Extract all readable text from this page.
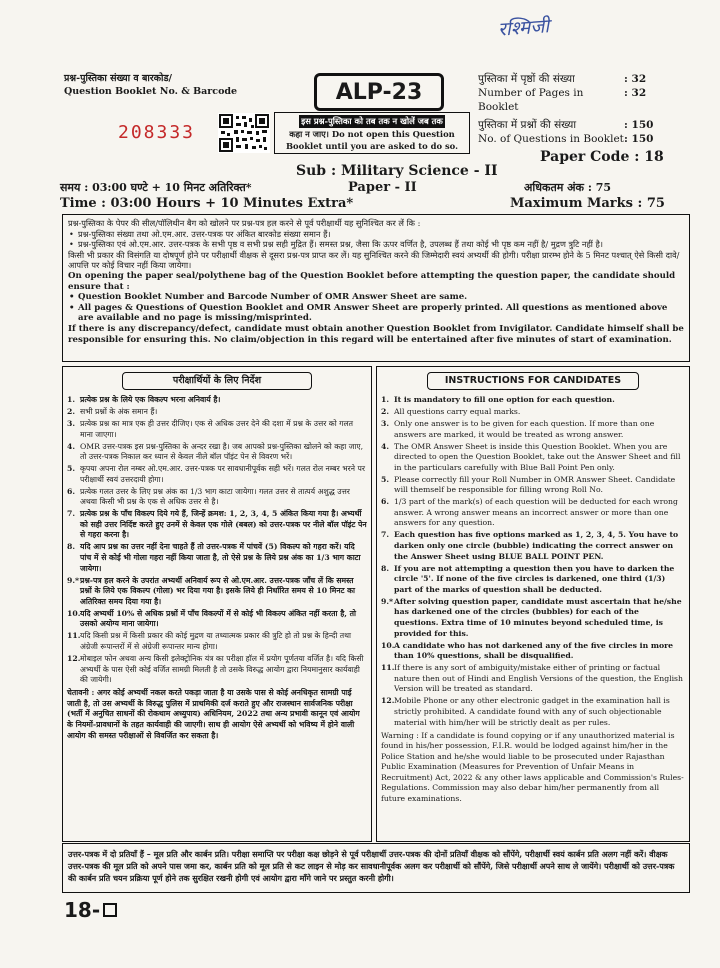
रश्मिजी
प्रश्न-पुस्तिका संख्या व बारकोड/
Question Booklet No. & Barcode
208333
ALP-23
इस प्रश्न-पुस्तिका को तब तक न खोलें जब तक
कहा न जाए। Do not open this Question
Booklet until you are asked to do so.
पुस्तिका में पृष्ठों की संख्या	: 32
Number of Pages in Booklet
: 32
पुस्तिका में प्रश्नों की संख्या	: 150
No. of Questions in Booklet : 150
Paper Code : 18
Sub : Military Science - II
Paper - II
समय : 03:00 घण्टे + 10 मिनट अतिरिक्त*
Time : 03:00 Hours + 10 Minutes Extra*
अधिकतम अंक : 75
Maximum Marks : 75

प्रश्न-पुस्तिका के पेपर की सील/पॉलिथीन बैग को खोलने पर प्रश्न-पत्र हल करने से पूर्व परीक्षार्थी यह सुनिश्चित कर लें कि :

• प्रश्न-पुस्तिका संख्या तथा ओ.एम.आर. उत्तर-पत्रक पर अंकित बारकोड संख्या समान हैं।
• प्रश्न-पुस्तिका एवं ओ.एम.आर. उत्तर-पत्रक के सभी पृष्ठ व सभी प्रश्न सही मुद्रित हैं। समस्त प्रश्न, जैसा कि ऊपर वर्णित है, उपलब्ध हैं तथा कोई भी पृष्ठ कम नहीं है/ मुद्रण त्रुटि नहीं है।

किसी भी प्रकार की विसंगति या दोषपूर्ण होने पर परीक्षार्थी वीक्षक से दूसरा प्रश्न-पत्र प्राप्त कर लें। यह सुनिश्चित करने की जिम्मेदारी स्वयं अभ्यर्थी की होगी। परीक्षा प्रारम्भ होने के 5 मिनट पश्चात् ऐसे किसी दावे/आपत्ति पर कोई विचार नहीं किया जायेगा।

On opening the paper seal/polythene bag of the Question Booklet before attempting the question paper, the candidate should ensure that :

• Question Booklet Number and Barcode Number of OMR Answer Sheet are same.
• All pages & Questions of Question Booklet and OMR Answer Sheet are properly printed. All questions as mentioned above are available and no page is missing/misprinted.

If there is any discrepancy/defect, candidate must obtain another Question Booklet from Invigilator. Candidate himself shall be responsible for ensuring this. No claim/objection in this regard will be entertained after five minutes of start of examination.

परीक्षार्थियों के लिए निर्देश
1. प्रत्येक प्रश्न के लिये एक विकल्प भरना अनिवार्य है।
2. सभी प्रश्नों के अंक समान हैं।
3. प्रत्येक प्रश्न का मात्र एक ही उत्तर दीजिए। एक से अधिक उत्तर देने की दशा में प्रश्न के उत्तर को गलत माना जाएगा।
4. OMR उत्तर-पत्रक इस प्रश्न-पुस्तिका के अन्दर रखा है। जब आपको प्रश्न-पुस्तिका खोलने को कहा जाए, तो उत्तर-पत्रक निकाल कर ध्यान से केवल नीले बॉल पॉइंट पेन से विवरण भरें।
5. कृपया अपना रोल नम्बर ओ.एम.आर. उत्तर-पत्रक पर सावधानीपूर्वक सही भरें। गलत रोल नम्बर भरने पर परीक्षार्थी स्वयं उत्तरदायी होगा।
6. प्रत्येक गलत उत्तर के लिए प्रश्न अंक का 1/3 भाग काटा जायेगा। गलत उत्तर से तात्पर्य अशुद्ध उत्तर अथवा किसी भी प्रश्न के एक से अधिक उत्तर से है।
7. प्रत्येक प्रश्न के पाँच विकल्प दिये गये हैं, जिन्हें क्रमश: 1, 2, 3, 4, 5 अंकित किया गया है। अभ्यर्थी को सही उत्तर निर्दिष्ट करते हुए उनमें से केवल एक गोले (बबल) को उत्तर-पत्रक पर नीले बॉल पॉइंट पेन से गहरा करना है।
8. यदि आप प्रश्न का उत्तर नहीं देना चाहते हैं तो उत्तर-पत्रक में पांचवें (5) विकल्प को गहरा करें। यदि पांच में से कोई भी गोला गहरा नहीं किया जाता है, तो ऐसे प्रश्न के लिये प्रश्न अंक का 1/3 भाग काटा जायेगा।
9.* प्रश्न-पत्र हल करने के उपरांत अभ्यर्थी अनिवार्य रूप से ओ.एम.आर. उत्तर-पत्रक जाँच लें कि समस्त प्रश्नों के लिये एक विकल्प (गोला) भर दिया गया है। इसके लिये ही निर्धारित समय से 10 मिनट का अतिरिक्त समय दिया गया है।
10. यदि अभ्यर्थी 10% से अधिक प्रश्नों में पाँच विकल्पों में से कोई भी विकल्प अंकित नहीं करता है, तो उसको अयोग्य माना जायेगा।
11. यदि किसी प्रश्न में किसी प्रकार की कोई मुद्रण या तथ्यात्मक प्रकार की त्रुटि हो तो प्रश्न के हिन्दी तथा अंग्रेजी रूपान्तरों में से अंग्रेजी रूपान्तर मान्य होगा।
12. मोबाइल फोन अथवा अन्य किसी इलेक्ट्रोनिक यंत्र का परीक्षा हॉल में प्रयोग पूर्णतया वर्जित है। यदि किसी अभ्यर्थी के पास ऐसी कोई वर्जित सामग्री मिलती है तो उसके विरुद्ध आयोग द्वारा नियमानुसार कार्यवाही की जायेगी।
चेतावनी : अगर कोई अभ्यर्थी नकल करते पकड़ा जाता है या उसके पास से कोई अनधिकृत सामग्री पाई जाती है, तो उस अभ्यर्थी के विरुद्ध पुलिस में प्राथमिकी दर्ज कराते हुए और राजस्थान सार्वजनिक परीक्षा (भर्ती में अनुचित साधनों की रोकथाम अध्युपाय) अधिनियम, 2022 तथा अन्य प्रभावी कानून एवं आयोग के नियमों-प्रावधानों के तहत कार्यवाही की जाएगी। साथ ही आयोग ऐसे अभ्यर्थी को भविष्य में होने वाली आयोग की समस्त परीक्षाओं से विवर्जित कर सकता है।
INSTRUCTIONS FOR CANDIDATES
1. It is mandatory to fill one option for each question.
2. All questions carry equal marks.
3. Only one answer is to be given for each question. If more than one answers are marked, it would be treated as wrong answer.
4. The OMR Answer Sheet is inside this Question Booklet. When you are directed to open the Question Booklet, take out the Answer Sheet and fill in the particulars carefully with Blue Ball Point Pen only.
5. Please correctly fill your Roll Number in OMR Answer Sheet. Candidate will themself be responsible for filling wrong Roll No.
6. 1/3 part of the mark(s) of each question will be deducted for each wrong answer. A wrong answer means an incorrect answer or more than one answers for any question.
7. Each question has five options marked as 1, 2, 3, 4, 5. You have to darken only one circle (bubble) indicating the correct answer on the Answer Sheet using BLUE BALL POINT PEN.
8. If you are not attempting a question then you have to darken the circle '5'. If none of the five circles is darkened, one third (1/3) part of the marks of question shall be deducted.
9.* After solving question paper, candidate must ascertain that he/she has darkened one of the circles (bubbles) for each of the questions. Extra time of 10 minutes beyond scheduled time, is provided for this.
10. A candidate who has not darkened any of the five circles in more than 10% questions, shall be disqualified.
11. If there is any sort of ambiguity/mistake either of printing or factual nature then out of Hindi and English Versions of the question, the English Version will be treated as standard.
12. Mobile Phone or any other electronic gadget in the examination hall is strictly prohibited. A candidate found with any of such objectionable material with him/her will be strictly dealt as per rules.
Warning : If a candidate is found copying or if any unauthorized material is found in his/her possession, F.I.R. would be lodged against him/her in the Police Station and he/she would liable to be prosecuted under Rajasthan Public Examination (Measures for Prevention of Unfair Means in Recruitment) Act, 2022 & any other laws applicable and Commission's Rules-Regulations. Commission may also debar him/her permanently from all future examinations.
उत्तर-पत्रक में दो प्रतियाँ हैं – मूल प्रति और कार्बन प्रति। परीक्षा समाप्ति पर परीक्षा कक्ष छोड़ने से पूर्व परीक्षार्थी उत्तर-पत्रक की दोनों प्रतियाँ वीक्षक को सौंपेंगे, परीक्षार्थी स्वयं कार्बन प्रति अलग नहीं करें। वीक्षक उत्तर-पत्रक की मूल प्रति को अपने पास जमा कर, कार्बन प्रति को मूल प्रति से कट लाइन से मोड़ कर सावधानीपूर्वक अलग कर परीक्षार्थी को सौंपेंगे, जिसे परीक्षार्थी अपने साथ ले जायेंगे। परीक्षार्थी को उत्तर-पत्रक की कार्बन प्रति चयन प्रक्रिया पूर्ण होने तक सुरक्षित रखनी होगी एवं आयोग द्वारा माँगे जाने पर प्रस्तुत करनी होगी।
18-
